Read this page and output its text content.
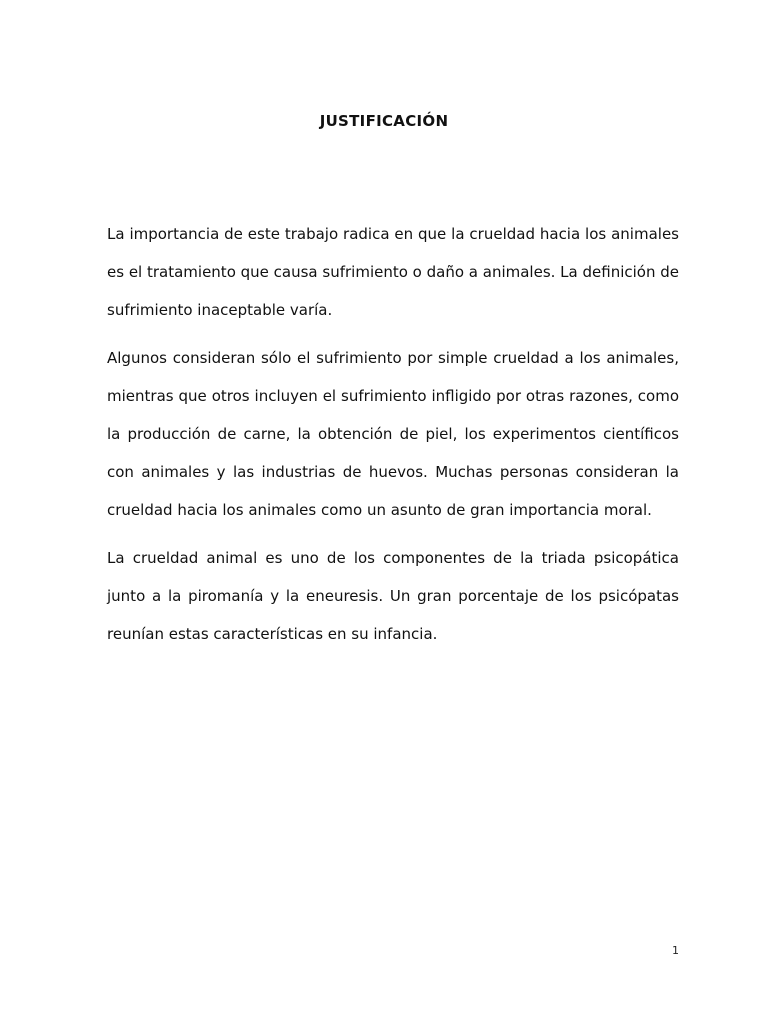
JUSTIFICACIÓN

La importancia de este trabajo radica en que la crueldad hacia los animales es el tratamiento que causa sufrimiento o daño a animales. La definición de sufrimiento inaceptable varía.

Algunos consideran sólo el sufrimiento por simple crueldad a los animales, mientras que otros incluyen el sufrimiento infligido por otras razones, como la producción de carne, la obtención de piel, los experimentos científicos con animales y las industrias de huevos. Muchas personas consideran la crueldad hacia los animales como un asunto de gran importancia moral.

La crueldad animal es uno de los componentes de la triada psicopática junto a la piromanía y la eneuresis. Un gran porcentaje de los psicópatas reunían estas características en su infancia.

1
